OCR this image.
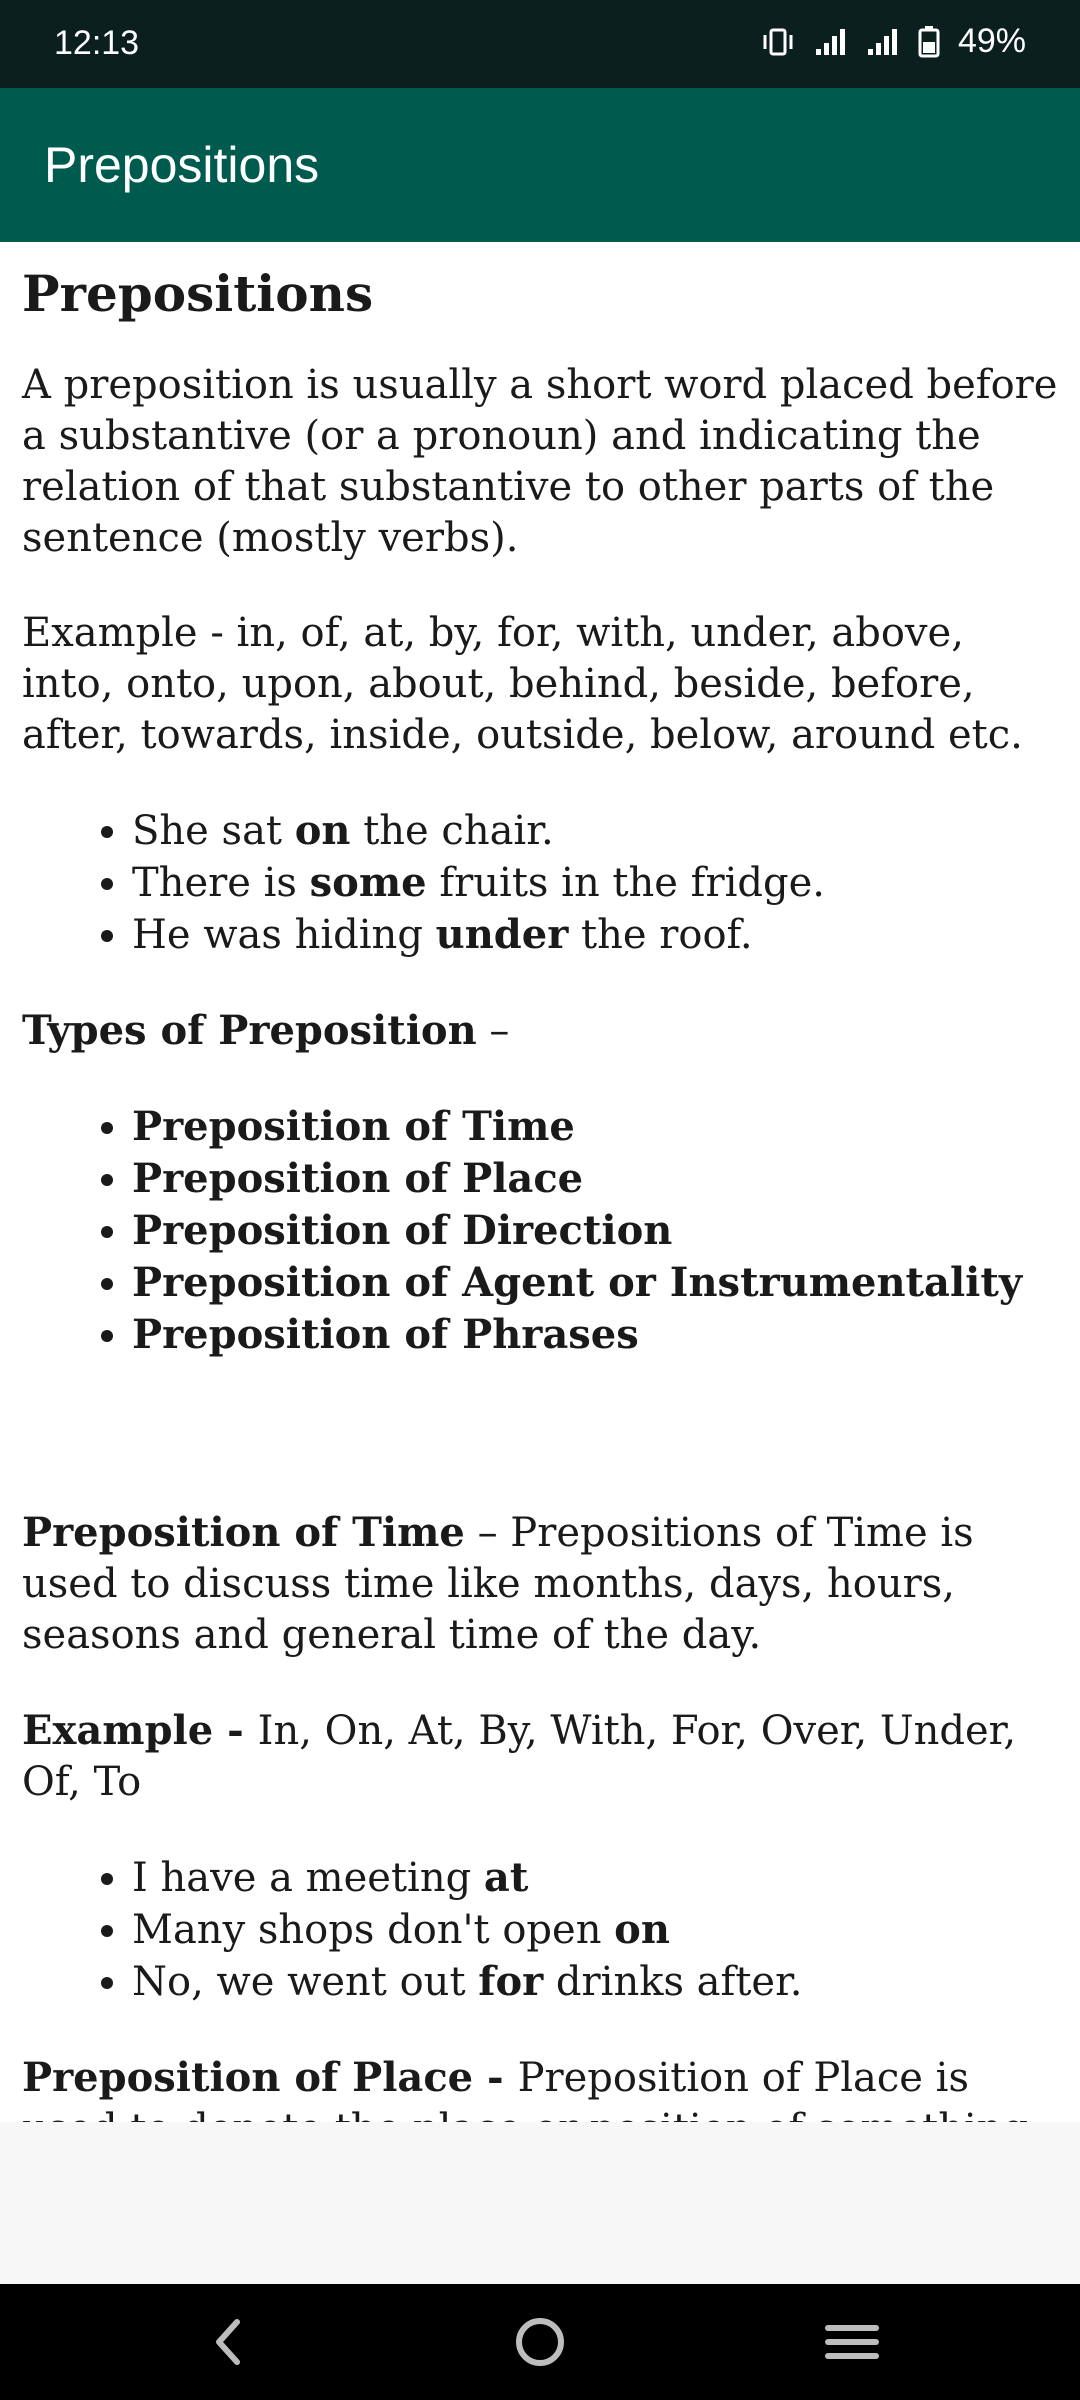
12:13	49%
Prepositions
Prepositions

A preposition is usually a short word placed before a substantive (or a pronoun) and indicating the relation of that substantive to other parts of the sentence (mostly verbs).

Example - in, of, at, by, for, with, under, above, into, onto, upon, about, behind, beside, before, after, towards, inside, outside, below, around etc.

• She sat on the chair.
• There is some fruits in the fridge.
• He was hiding under the roof.

Types of Preposition –

• Preposition of Time
• Preposition of Place
• Preposition of Direction
• Preposition of Agent or Instrumentality
• Preposition of Phrases

Preposition of Time – Prepositions of Time is used to discuss time like months, days, hours, seasons and general time of the day.

Example - In, On, At, By, With, For, Over, Under, Of, To

• I have a meeting at
• Many shops don't open on
• No, we went out for drinks after.

Preposition of Place - Preposition of Place is
